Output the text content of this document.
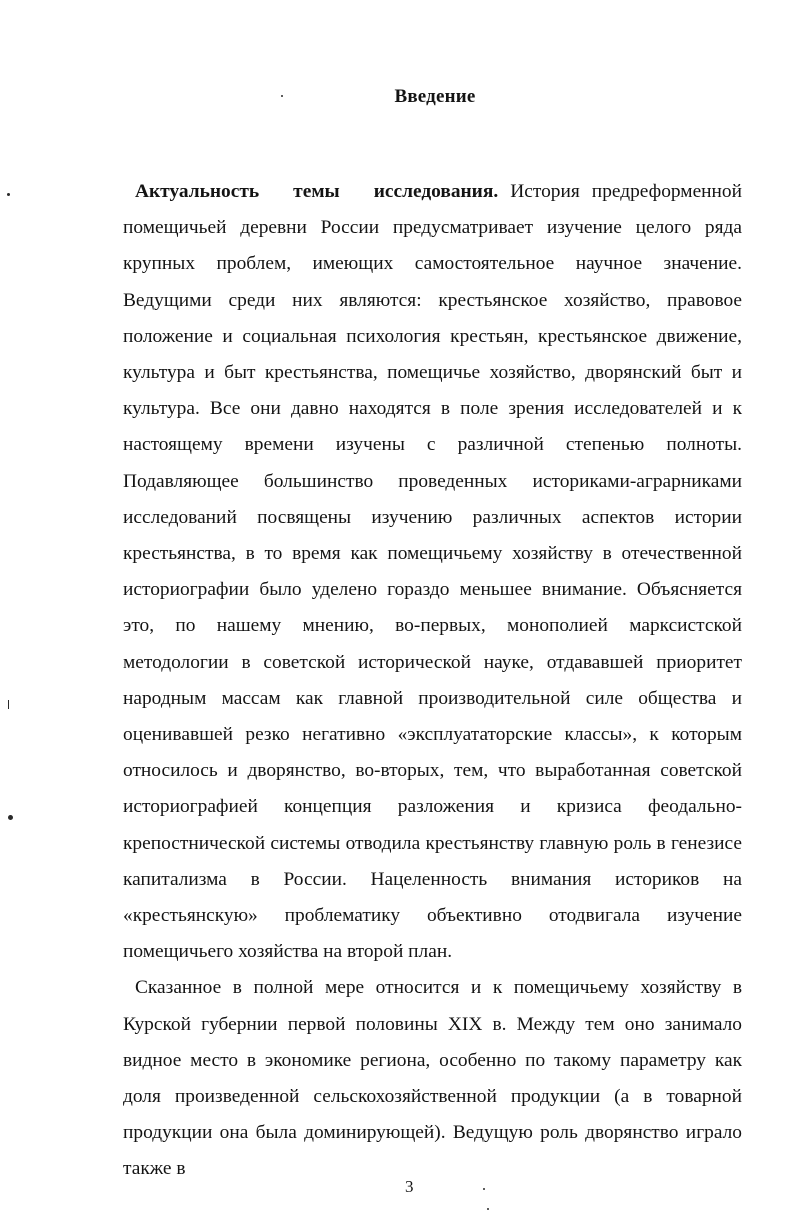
Введение

Актуальность темы исследования. История предреформенной помещичьей деревни России предусматривает изучение целого ряда крупных проблем, имеющих самостоятельное научное значение. Ведущими среди них являются: крестьянское хозяйство, правовое положение и социальная психология крестьян, крестьянское движение, культура и быт крестьянства, помещичье хозяйство, дворянский быт и культура. Все они давно находятся в поле зрения исследователей и к настоящему времени изучены с различной степенью полноты. Подавляющее большинство проведенных историками-аграрниками исследований посвящены изучению различных аспектов истории крестьянства, в то время как помещичьему хозяйству в отечественной историографии было уделено гораздо меньшее внимание. Объясняется это, по нашему мнению, во-первых, монополией марксистской методологии в советской исторической науке, отдававшей приоритет народным массам как главной производительной силе общества и оценивавшей резко негативно «эксплуататорские классы», к которым относилось и дворянство, во-вторых, тем, что выработанная советской историографией концепция разложения и кризиса феодально-крепостнической системы отводила крестьянству главную роль в генезисе капитализма в России. Нацеленность внимания историков на «крестьянскую» проблематику объективно отодвигала изучение помещичьего хозяйства на второй план.

Сказанное в полной мере относится и к помещичьему хозяйству в Курской губернии первой половины XIX в. Между тем оно занимало видное место в экономике региона, особенно по такому параметру как доля произведенной сельскохозяйственной продукции (а в товарной продукции она была доминирующей). Ведущую роль дворянство играло также в

3
